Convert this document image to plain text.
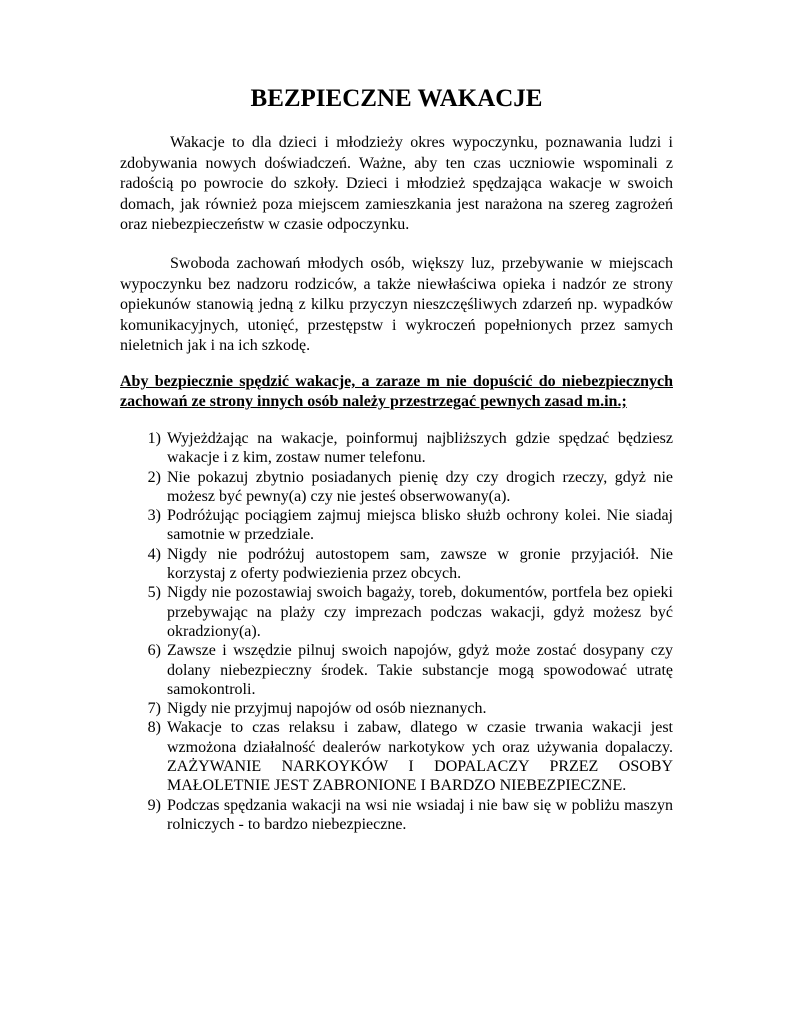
BEZPIECZNE WAKACJE

Wakacje to dla dzieci i młodzieży okres wypoczynku, poznawania ludzi i zdobywania nowych doświadczeń. Ważne, aby ten czas uczniowie wspominali z radością po powrocie do szkoły. Dzieci i młodzież spędzająca wakacje w swoich domach, jak również poza miejscem zamieszkania jest narażona na szereg zagrożeń oraz niebezpieczeństw w czasie odpoczynku.

Swoboda zachowań młodych osób, większy luz, przebywanie w miejscach wypoczynku bez nadzoru rodziców, a także niewłaściwa opieka i nadzór ze strony opiekunów stanowią jedną z kilku przyczyn nieszczęśliwych zdarzeń np. wypadków komunikacyjnych, utonięć, przestępstw i wykroczeń popełnionych przez samych nieletnich jak i na ich szkodę.

Aby bezpiecznie spędzić wakacje, a zaraze m nie dopuścić do niebezpiecznych zachowań ze strony innych osób należy przestrzegać pewnych zasad m.in.;

1) Wyjeżdżając na wakacje, poinformuj najbliższych gdzie spędzać będziesz wakacje i z kim, zostaw numer telefonu.
2) Nie pokazuj zbytnio posiadanych pienię dzy czy drogich rzeczy, gdyż nie możesz być pewny(a) czy nie jesteś obserwowany(a).
3) Podróżując pociągiem zajmuj miejsca blisko służb ochrony kolei. Nie siadaj samotnie w przedziale.
4) Nigdy nie podróżuj autostopem sam, zawsze w gronie przyjaciół. Nie korzystaj z oferty podwiezienia przez obcych.
5) Nigdy nie pozostawiaj swoich bagaży, toreb, dokumentów, portfela bez opieki przebywając na plaży czy imprezach podczas wakacji, gdyż możesz być okradziony(a).
6) Zawsze i wszędzie pilnuj swoich napojów, gdyż może zostać dosypany czy dolany niebezpieczny środek. Takie substancje mogą spowodować utratę samokontroli.
7) Nigdy nie przyjmuj napojów od osób nieznanych.
8) Wakacje to czas relaksu i zabaw, dlatego w czasie trwania wakacji jest wzmożona działalność dealerów narkotykow ych oraz używania dopalaczy. ZAŻYWANIE NARKOYKÓW I DOPALACZY PRZEZ OSOBY MAŁOLETNIE JEST ZABRONIONE I BARDZO NIEBEZPIECZNE.
9) Podczas spędzania wakacji na wsi nie wsiadaj i nie baw się w pobliżu maszyn rolniczych - to bardzo niebezpieczne.
